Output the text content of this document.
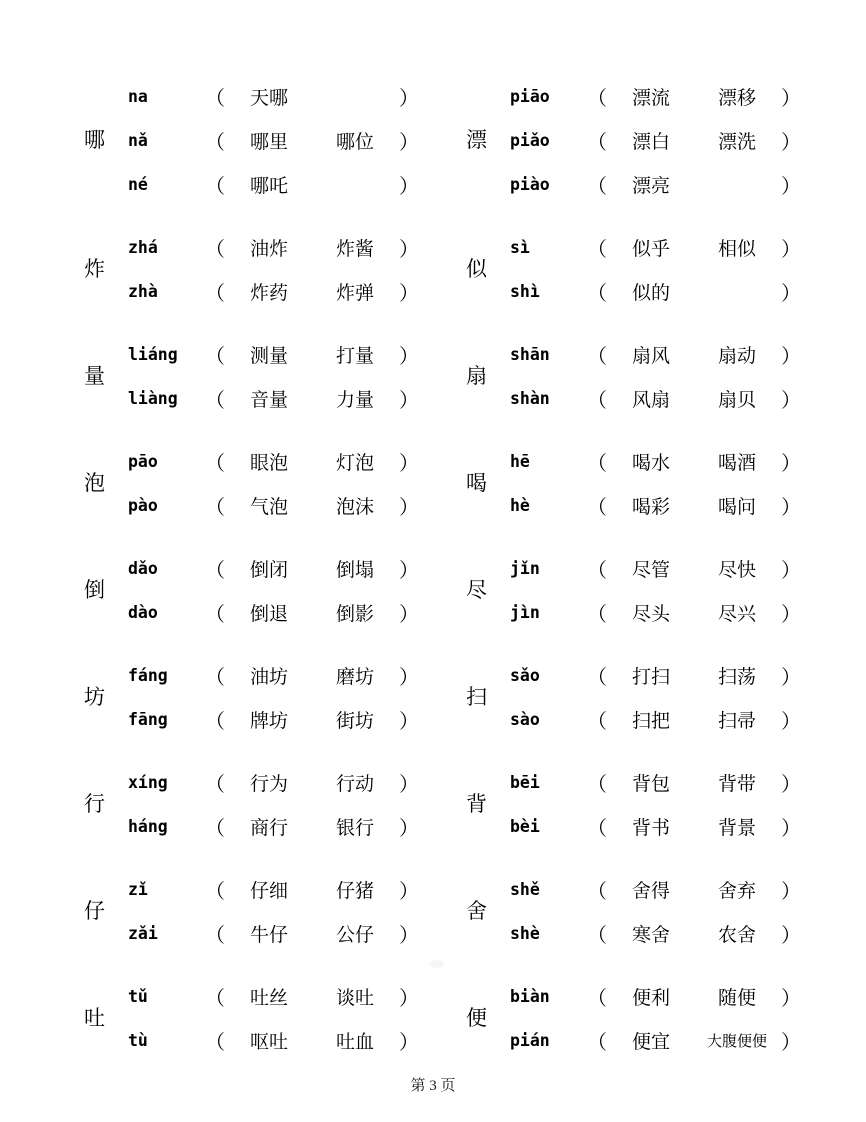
哪
na	（	天哪	）
nǎ	（	哪里	哪位	）
né	（	哪吒	）
炸
zhá	（	油炸	炸酱	）
zhà	（	炸药	炸弹	）
量
liáng	（	测量	打量	）
liàng	（	音量	力量	）
泡
pāo	（	眼泡	灯泡	）
pào	（	气泡	泡沫	）
倒
dǎo	（	倒闭	倒塌	）
dào	（	倒退	倒影	）
坊
fáng	（	油坊	磨坊	）
fāng	（	牌坊	街坊	）
行
xíng	（	行为	行动	）
háng	（	商行	银行	）
仔
zǐ	（	仔细	仔猪	）
zǎi	（	牛仔	公仔	）
吐
tǔ	（	吐丝	谈吐	）
tù	（	呕吐	吐血	）
漂
piāo	（	漂流	漂移	）
piǎo	（	漂白	漂洗	）
piào	（	漂亮	）
似
sì	（	似乎	相似	）
shì	（	似的	）
扇
shān	（	扇风	扇动	）
shàn	（	风扇	扇贝	）
喝
hē	（	喝水	喝酒	）
hè	（	喝彩	喝问	）
尽
jǐn	（	尽管	尽快	）
jìn	（	尽头	尽兴	）
扫
sǎo	（	打扫	扫荡	）
sào	（	扫把	扫帚	）
背
bēi	（	背包	背带	）
bèi	（	背书	背景	）
舍
shě	（	舍得	舍弃	）
shè	（	寒舍	农舍	）
便
biàn	（	便利	随便	）
pián	（	便宜	大腹便便 ）
第 3 页
